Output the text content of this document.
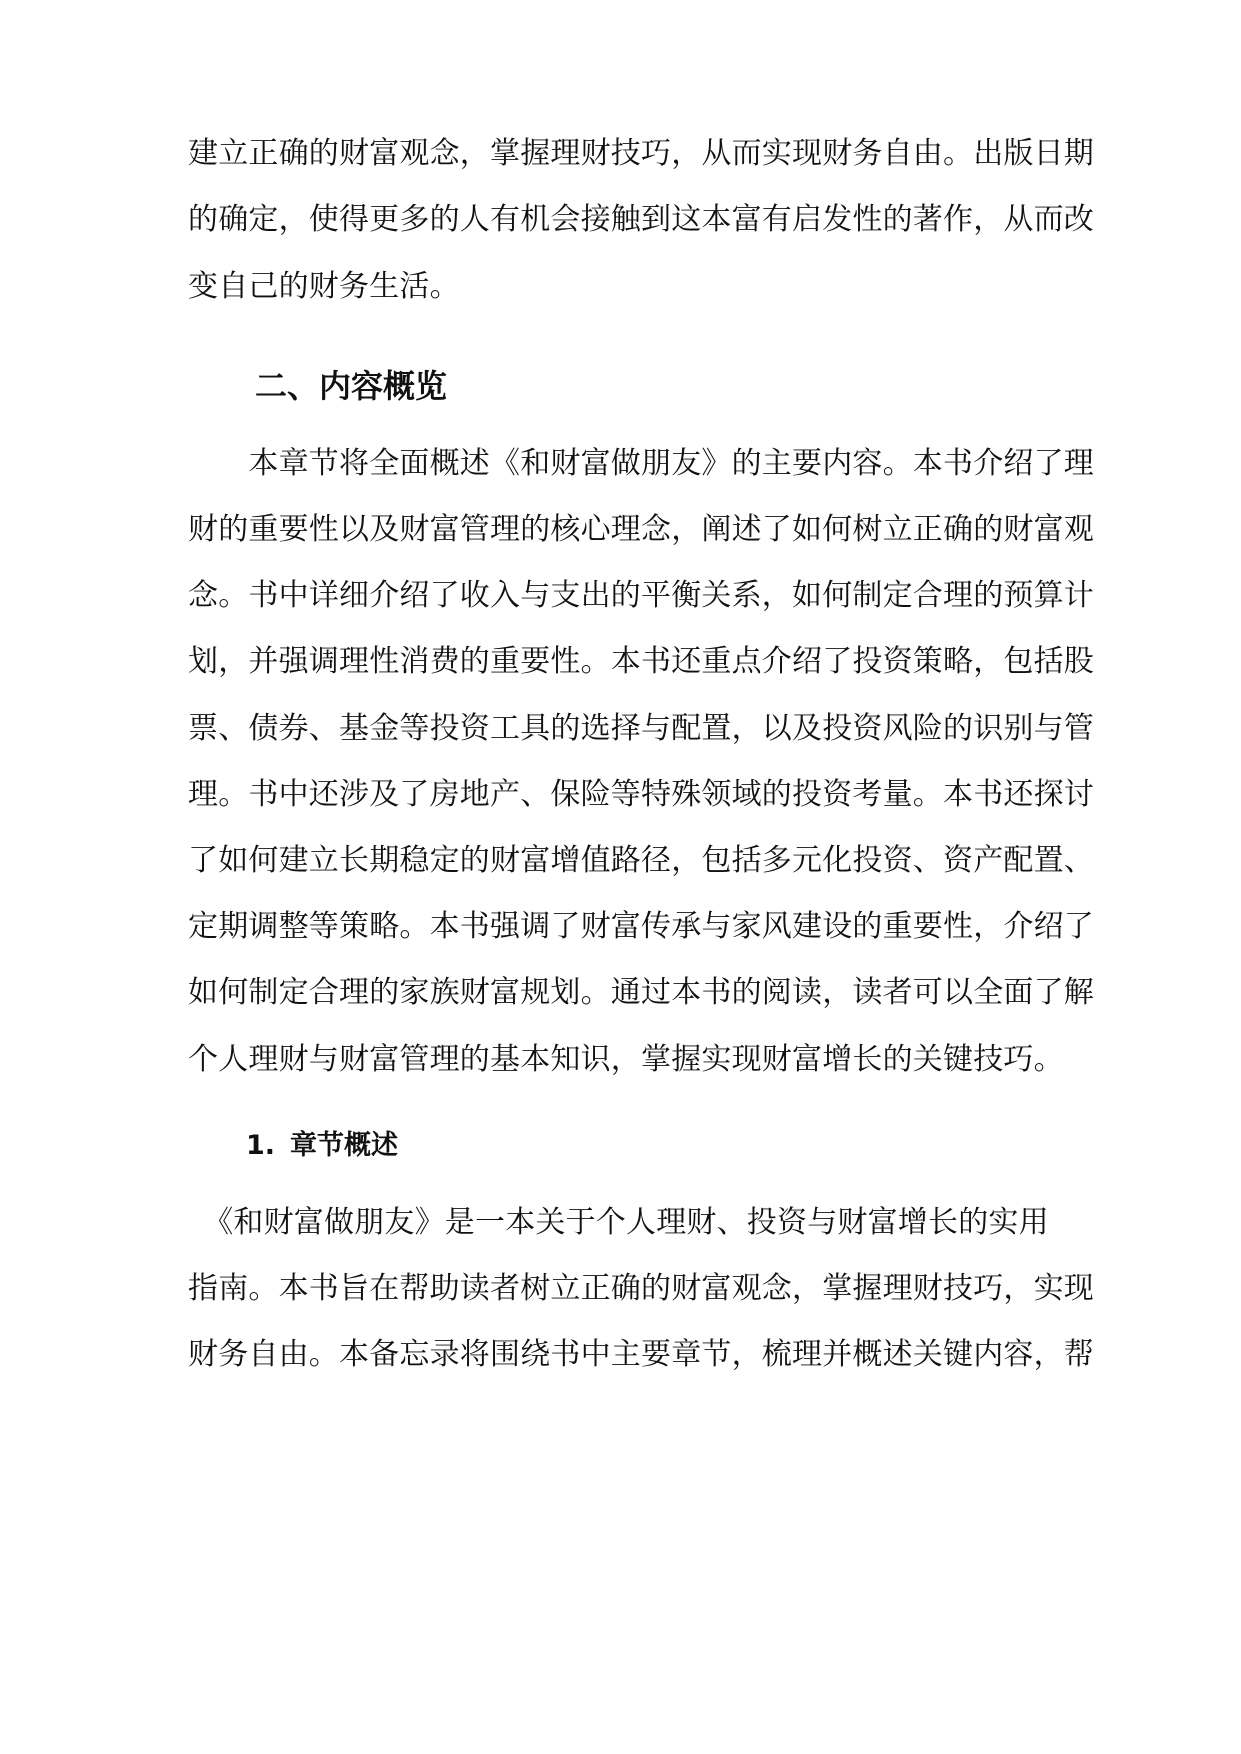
建立正确的财富观念，掌握理财技巧，从而实现财务自由。出版日期
的确定，使得更多的人有机会接触到这本富有启发性的著作，从而改
变自己的财务生活。
二、内容概览
　　本章节将全面概述《和财富做朋友》的主要内容。本书介绍了理
财的重要性以及财富管理的核心理念，阐述了如何树立正确的财富观
念。书中详细介绍了收入与支出的平衡关系，如何制定合理的预算计
划，并强调理性消费的重要性。本书还重点介绍了投资策略，包括股
票、债券、基金等投资工具的选择与配置，以及投资风险的识别与管
理。书中还涉及了房地产、保险等特殊领域的投资考量。本书还探讨
了如何建立长期稳定的财富增值路径，包括多元化投资、资产配置、
定期调整等策略。本书强调了财富传承与家风建设的重要性，介绍了
如何制定合理的家族财富规划。通过本书的阅读，读者可以全面了解
个人理财与财富管理的基本知识，掌握实现财富增长的关键技巧。
1. 章节概述
　《和财富做朋友》是一本关于个人理财、投资与财富增长的实用
指南。本书旨在帮助读者树立正确的财富观念，掌握理财技巧，实现
财务自由。本备忘录将围绕书中主要章节，梳理并概述关键内容，帮
